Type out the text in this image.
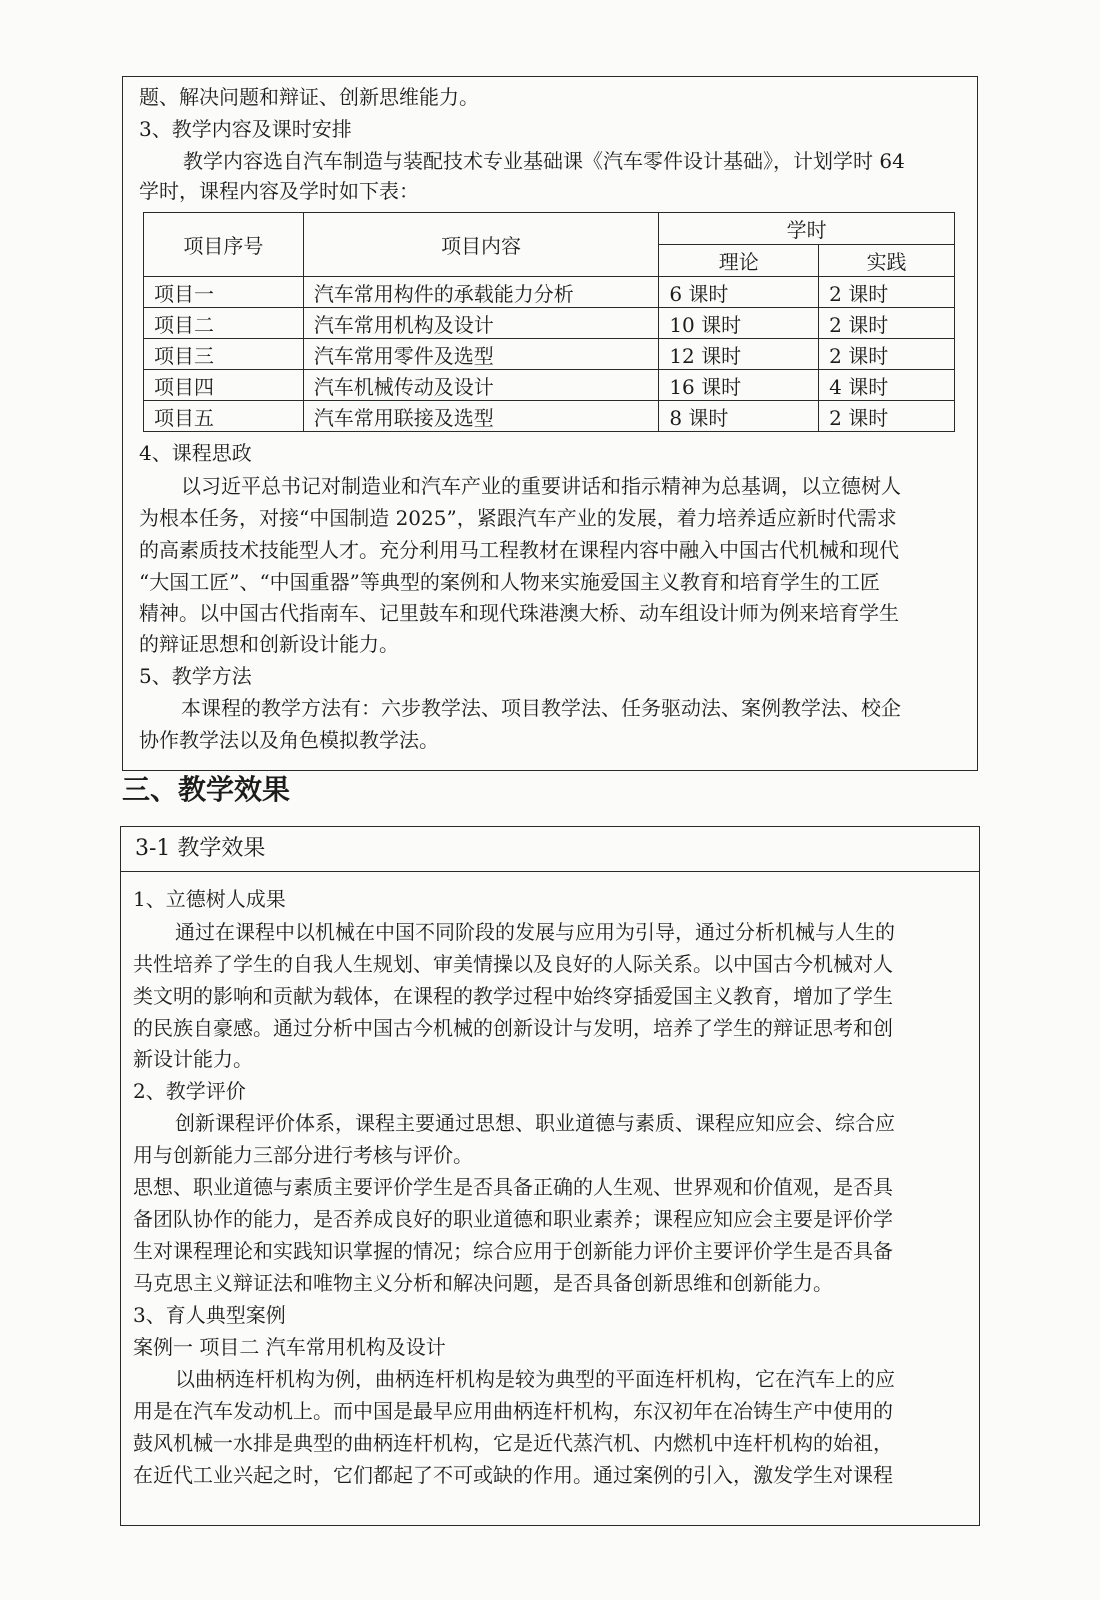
题、解决问题和辩证、创新思维能力。
3、教学内容及课时安排
教学内容选自汽车制造与装配技术专业基础课《汽车零件设计基础》，计划学时 64
学时，课程内容及学时如下表：
项目序号	项目内容	学时	
		理论	实践
项目一	汽车常用构件的承载能力分析	6 课时	2 课时
项目二	汽车常用机构及设计	10 课时	2 课时
项目三	汽车常用零件及选型	12 课时	2 课时
项目四	汽车机械传动及设计	16 课时	4 课时
项目五	汽车常用联接及选型	8 课时	2 课时
4、课程思政
以习近平总书记对制造业和汽车产业的重要讲话和指示精神为总基调，以立德树人
为根本任务，对接“中国制造 2025”，紧跟汽车产业的发展，着力培养适应新时代需求
的高素质技术技能型人才。充分利用马工程教材在课程内容中融入中国古代机械和现代
“大国工匠”、“中国重器”等典型的案例和人物来实施爱国主义教育和培育学生的工匠
精神。以中国古代指南车、记里鼓车和现代珠港澳大桥、动车组设计师为例来培育学生
的辩证思想和创新设计能力。
5、教学方法
本课程的教学方法有：六步教学法、项目教学法、任务驱动法、案例教学法、校企
协作教学法以及角色模拟教学法。
三、教学效果
3-1 教学效果
1、立德树人成果
通过在课程中以机械在中国不同阶段的发展与应用为引导，通过分析机械与人生的
共性培养了学生的自我人生规划、审美情操以及良好的人际关系。以中国古今机械对人
类文明的影响和贡献为载体，在课程的教学过程中始终穿插爱国主义教育，增加了学生
的民族自豪感。通过分析中国古今机械的创新设计与发明，培养了学生的辩证思考和创
新设计能力。
2、教学评价
创新课程评价体系，课程主要通过思想、职业道德与素质、课程应知应会、综合应
用与创新能力三部分进行考核与评价。
思想、职业道德与素质主要评价学生是否具备正确的人生观、世界观和价值观，是否具
备团队协作的能力，是否养成良好的职业道德和职业素养；课程应知应会主要是评价学
生对课程理论和实践知识掌握的情况；综合应用于创新能力评价主要评价学生是否具备
马克思主义辩证法和唯物主义分析和解决问题，是否具备创新思维和创新能力。
3、育人典型案例
案例一 项目二 汽车常用机构及设计
以曲柄连杆机构为例，曲柄连杆机构是较为典型的平面连杆机构，它在汽车上的应
用是在汽车发动机上。而中国是最早应用曲柄连杆机构，东汉初年在冶铸生产中使用的
鼓风机械一水排是典型的曲柄连杆机构，它是近代蒸汽机、内燃机中连杆机构的始祖，
在近代工业兴起之时，它们都起了不可或缺的作用。通过案例的引入，激发学生对课程
